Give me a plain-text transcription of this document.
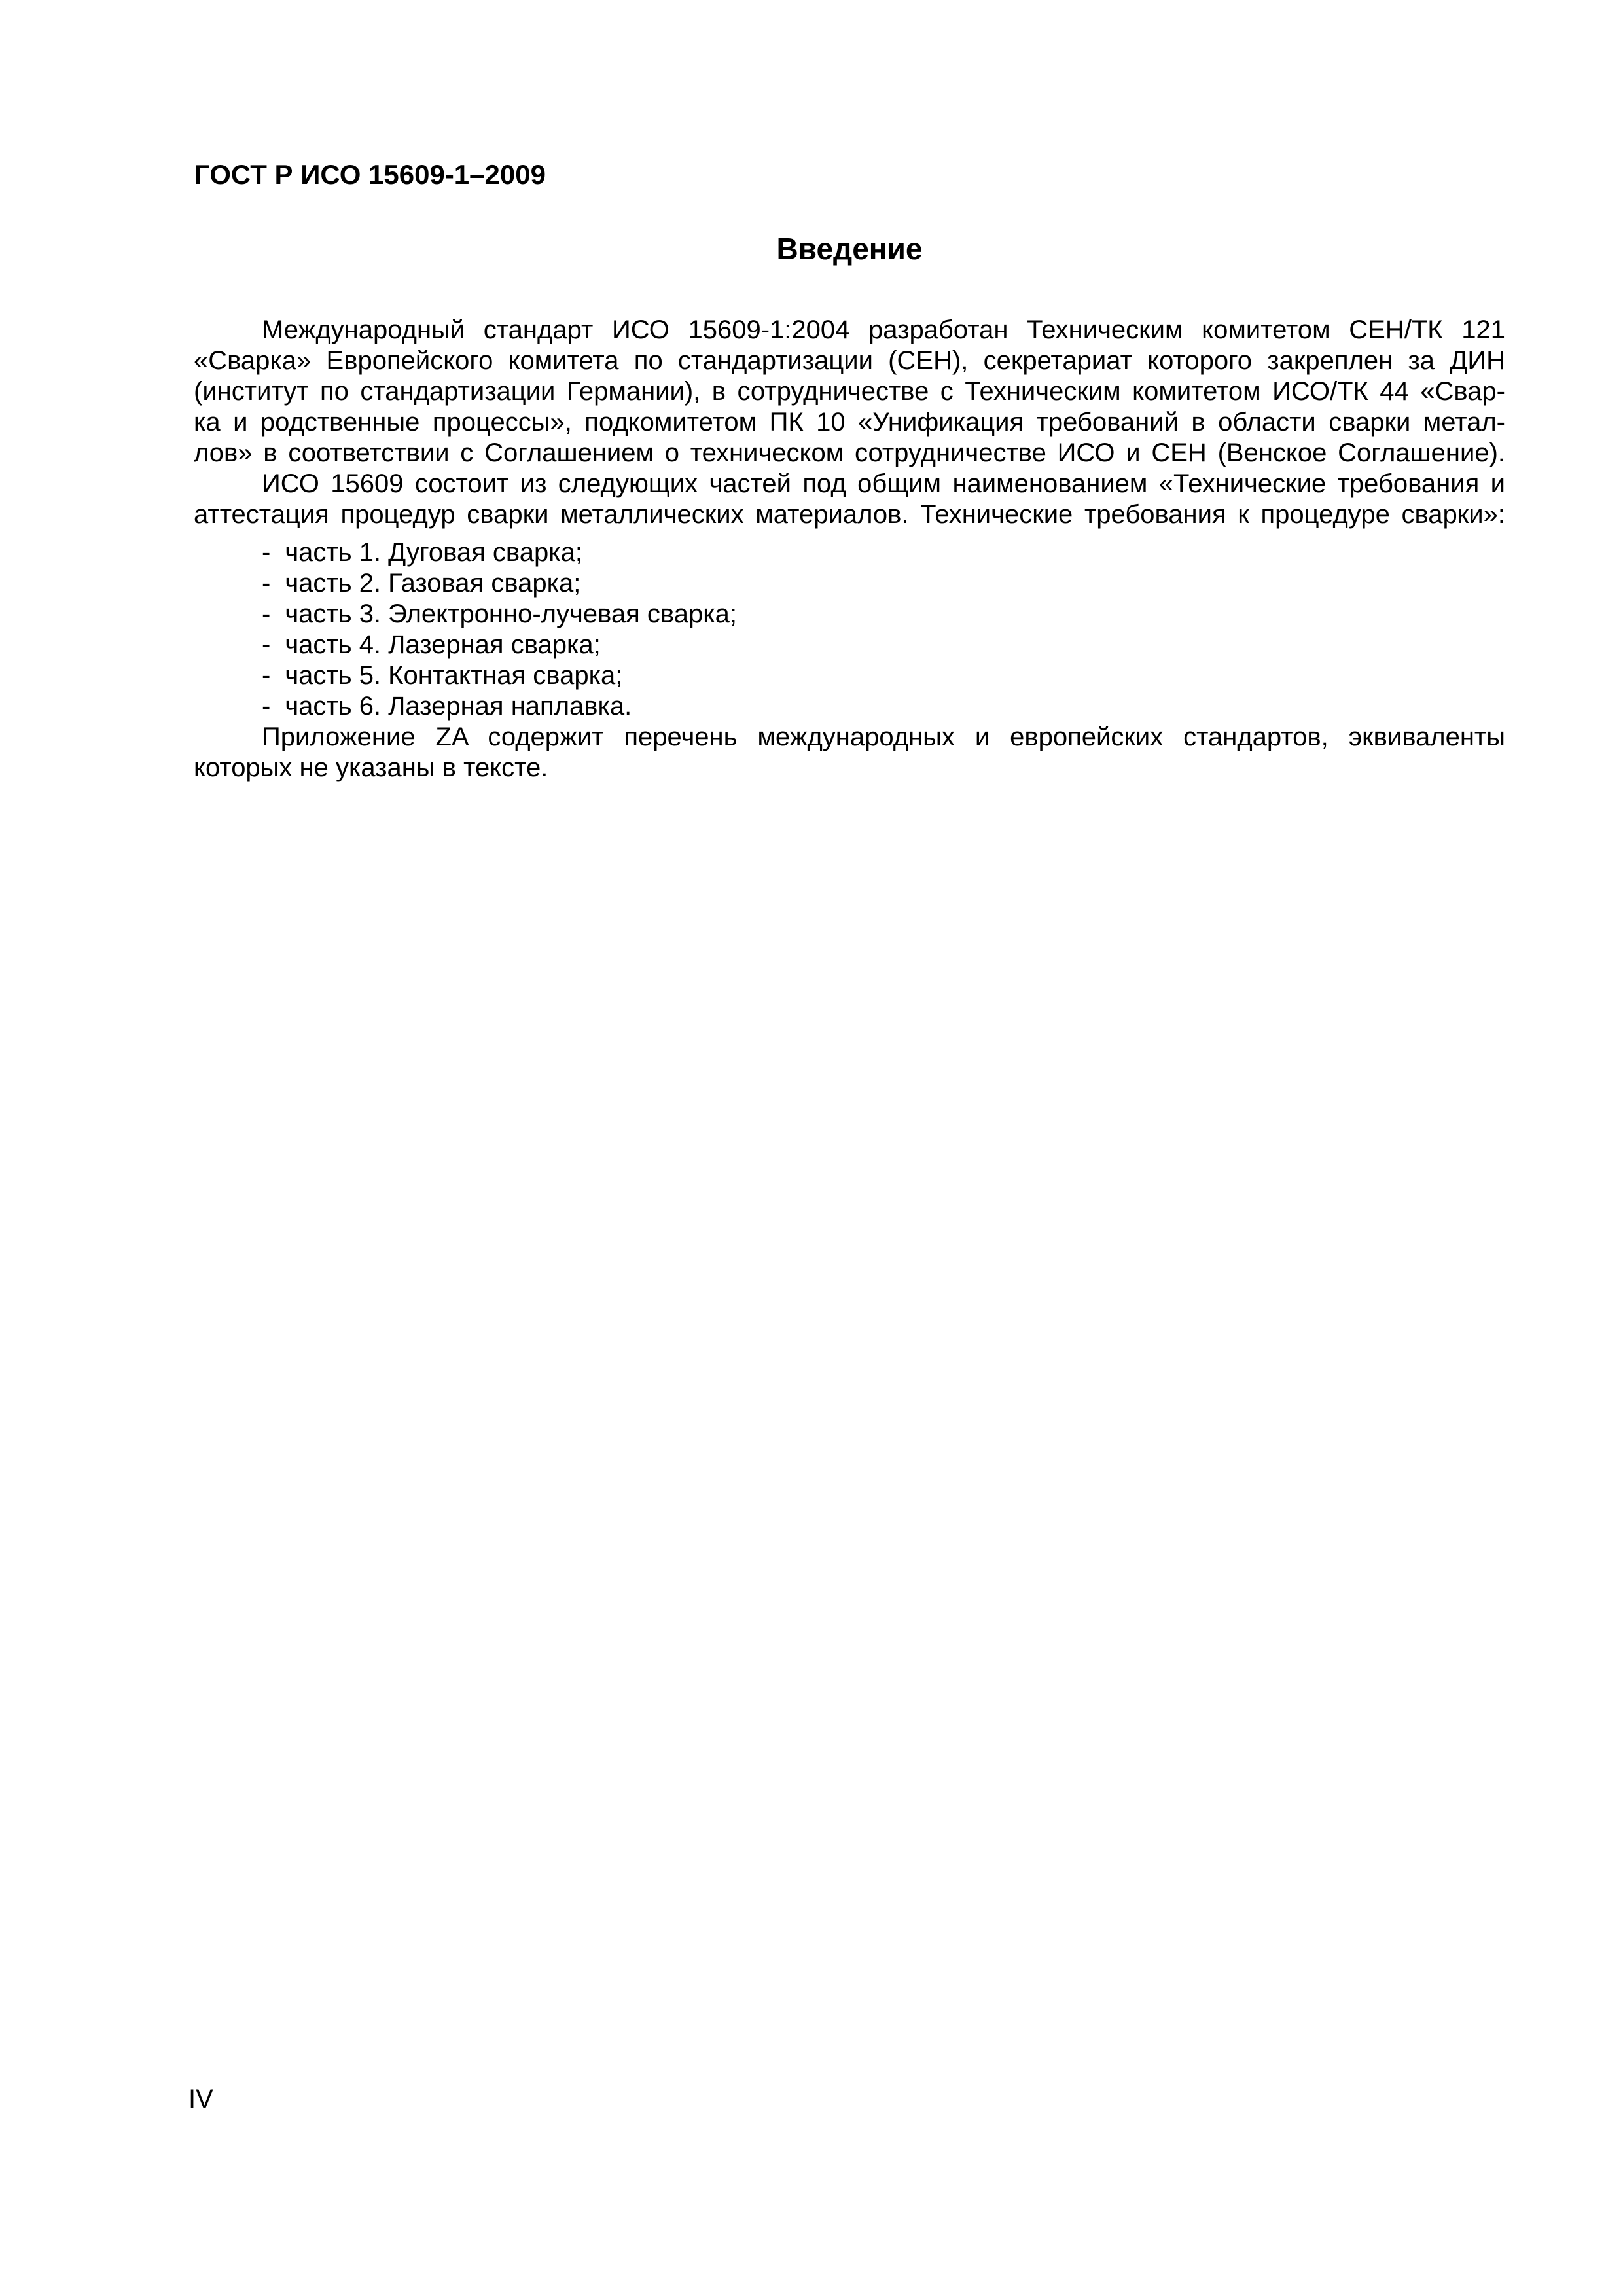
ГОСТ Р ИСО 15609-1–2009
Введение
Международный стандарт ИСО 15609-1:2004 разработан Техническим комитетом СЕН/ТК 121
«Сварка» Европейского комитета по стандартизации (СЕН), секретариат которого закреплен за ДИН
(институт по стандартизации Германии), в сотрудничестве с Техническим комитетом ИСО/ТК 44 «Свар-
ка и родственные процессы», подкомитетом ПК 10 «Унификация требований в области сварки метал-
лов» в соответствии с Соглашением о техническом сотрудничестве ИСО и СЕН (Венское Соглашение).
ИСО 15609 состоит из следующих частей под общим наименованием «Технические требования и
аттестация процедур сварки металлических материалов. Технические требования к процедуре сварки»:
- часть 1. Дуговая сварка;
- часть 2. Газовая сварка;
- часть 3. Электронно-лучевая сварка;
- часть 4. Лазерная сварка;
- часть 5. Контактная сварка;
- часть 6. Лазерная наплавка.
Приложение ZA содержит перечень международных и европейских стандартов, эквиваленты
которых не указаны в тексте.
IV
